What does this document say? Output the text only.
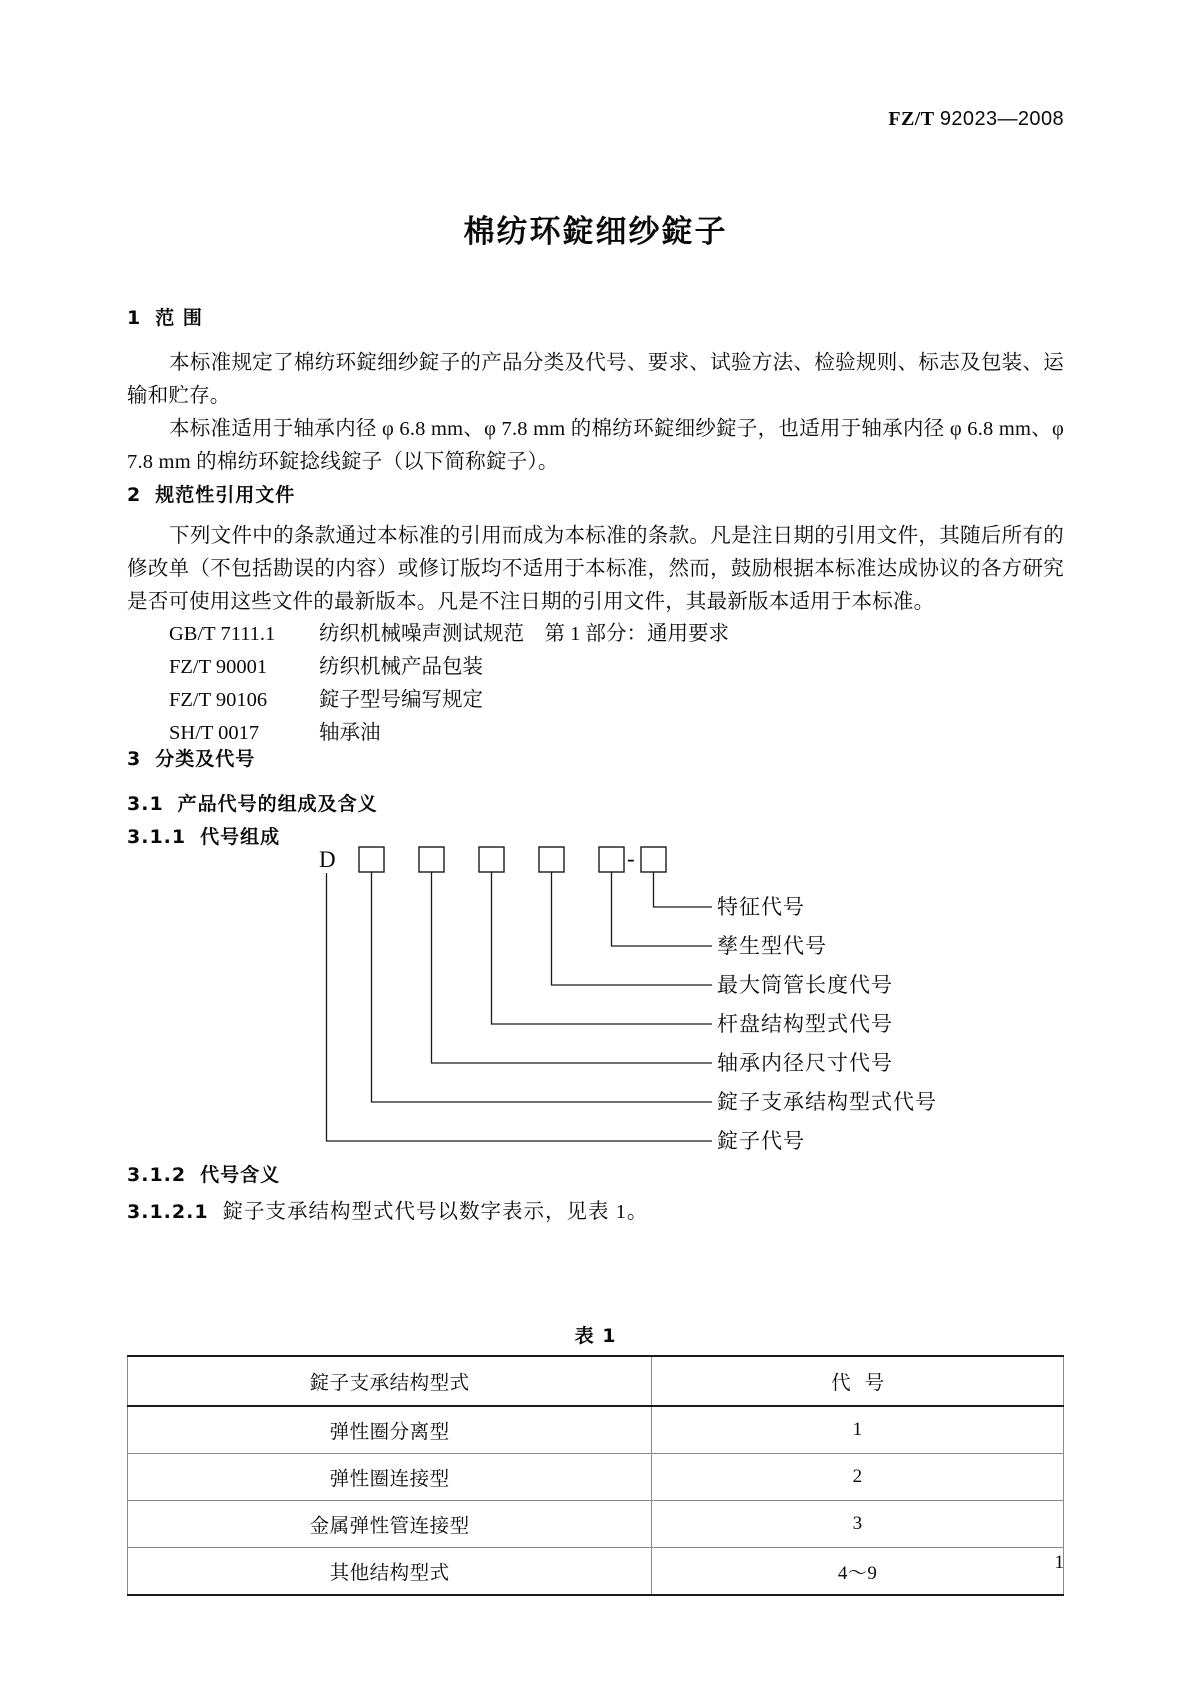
FZ/T 92023—2008
棉纺环錠细纱錠子
1 范 围

本标准规定了棉纺环錠细纱錠子的产品分类及代号、要求、试验方法、检验规则、标志及包装、运输和贮存。

本标准适用于轴承内径 φ 6.8 mm、φ 7.8 mm 的棉纺环錠细纱錠子，也适用于轴承内径 φ 6.8 mm、φ 7.8 mm 的棉纺环錠捻线錠子（以下简称錠子）。

2 规范性引用文件

下列文件中的条款通过本标准的引用而成为本标准的条款。凡是注日期的引用文件，其随后所有的修改单（不包括勘误的内容）或修订版均不适用于本标准，然而，鼓励根据本标准达成协议的各方研究是否可使用这些文件的最新版本。凡是不注日期的引用文件，其最新版本适用于本标准。

GB/T 7111.1 纺织机械噪声测试规范　第 1 部分：通用要求
FZ/T 90001	纺织机械产品包装
FZ/T 90106	錠子型号编写规定
SH/T 0017	轴承油
3 分类及代号
3.1 产品代号的组成及含义
3.1.1 代号组成
D	-
特征代号
孳生型代号
最大筒管长度代号
杆盘结构型式代号
轴承内径尺寸代号
錠子支承结构型式代号
錠子代号
3.1.2 代号含义
3.1.2.1 錠子支承结构型式代号以数字表示，见表 1。
表 1
錠子支承结构型式	代号
弹性圈分离型	1
弹性圈连接型	2
金属弹性管连接型	3
其他结构型式	4～9	1
